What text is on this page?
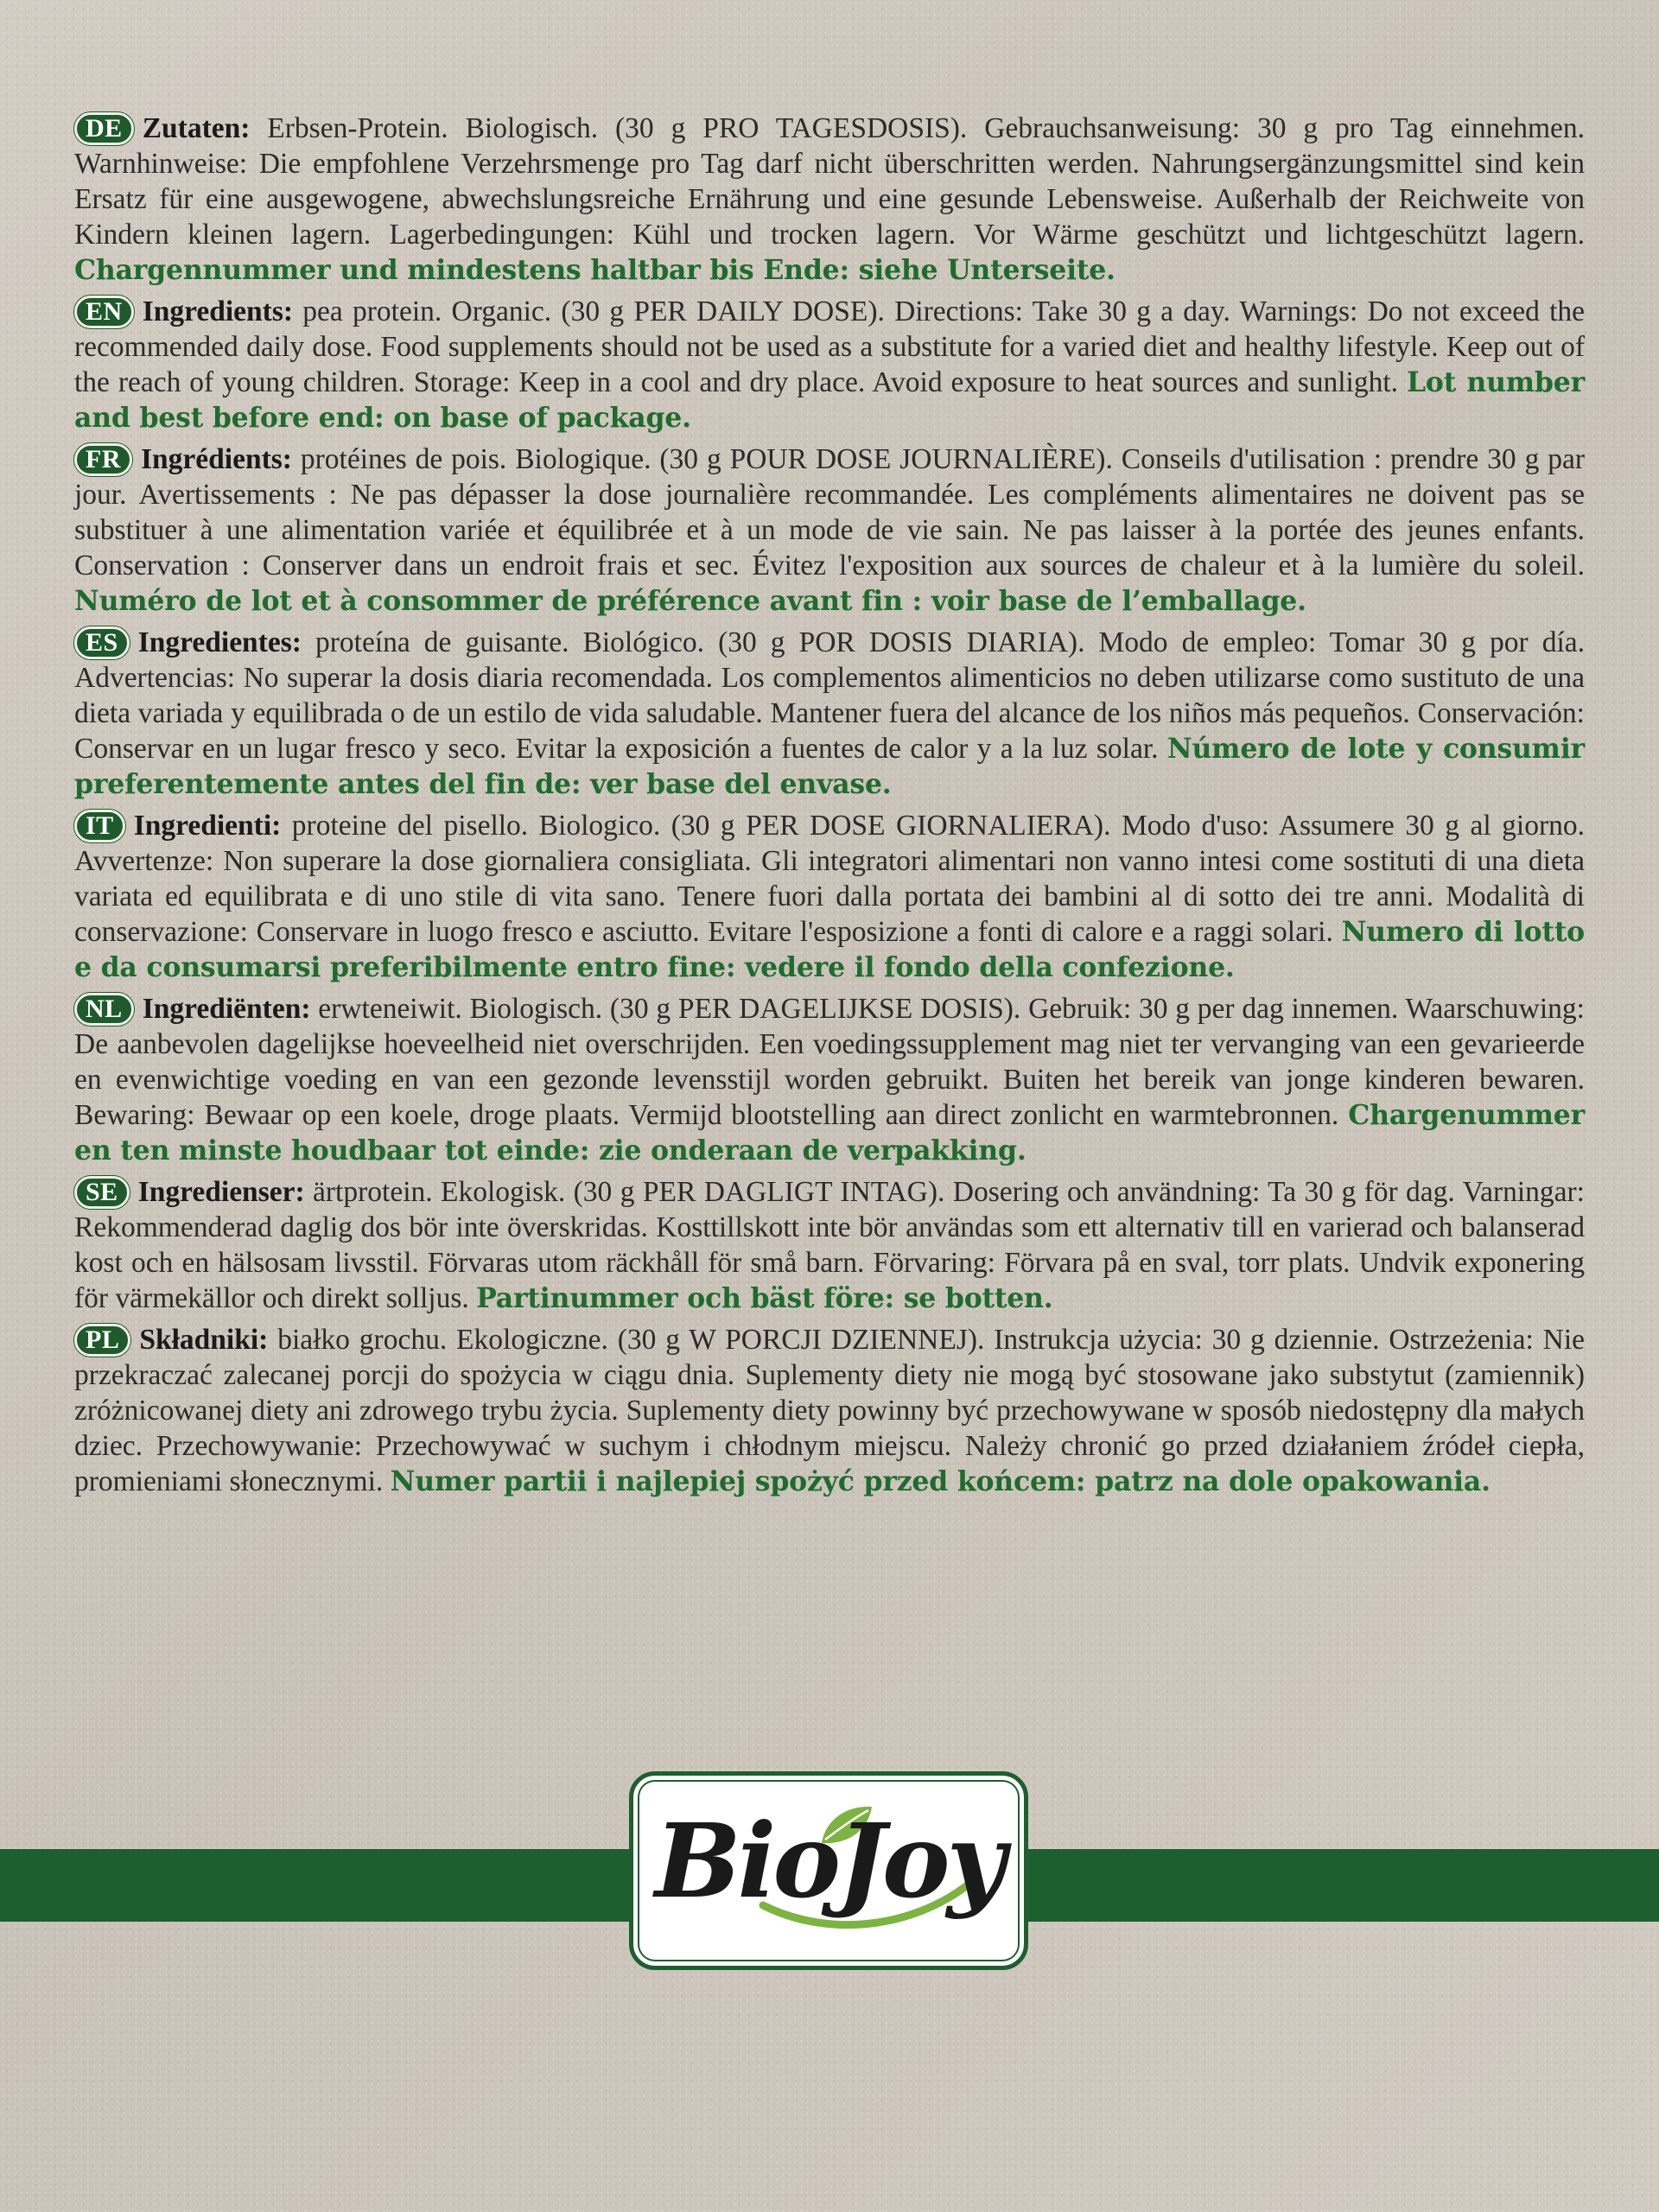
DE Zutaten: Erbsen-Protein. Biologisch. (30 g PRO TAGESDOSIS). Gebrauchsanweisung: 30 g pro Tag einnehmen. Warnhinweise: Die empfohlene Verzehrsmenge pro Tag darf nicht überschritten werden. Nahrungsergänzungsmittel sind kein Ersatz für eine ausgewogene, abwechslungsreiche Ernährung und eine gesunde Lebensweise. Außerhalb der Reichweite von Kindern kleinen lagern. Lagerbedingungen: Kühl und trocken lagern. Vor Wärme geschützt und lichtgeschützt lagern. Chargennummer und mindestens haltbar bis Ende: siehe Unterseite.

EN Ingredients: pea protein. Organic. (30 g PER DAILY DOSE). Directions: Take 30 g a day. Warnings: Do not exceed the recommended daily dose. Food supplements should not be used as a substitute for a varied diet and healthy lifestyle. Keep out of the reach of young children. Storage: Keep in a cool and dry place. Avoid exposure to heat sources and sunlight. Lot number and best before end: on base of package.

FR Ingrédients: protéines de pois. Biologique. (30 g POUR DOSE JOURNALIÈRE). Conseils d'utilisation : prendre 30 g par jour. Avertissements : Ne pas dépasser la dose journalière recommandée. Les compléments alimentaires ne doivent pas se substituer à une alimentation variée et équilibrée et à un mode de vie sain. Ne pas laisser à la portée des jeunes enfants. Conservation : Conserver dans un endroit frais et sec. Évitez l'exposition aux sources de chaleur et à la lumière du soleil. Numéro de lot et à consommer de préférence avant fin : voir base de l’emballage.

ES Ingredientes: proteína de guisante. Biológico. (30 g POR DOSIS DIARIA). Modo de empleo: Tomar 30 g por día. Advertencias: No superar la dosis diaria recomendada. Los complementos alimenticios no deben utilizarse como sustituto de una dieta variada y equilibrada o de un estilo de vida saludable. Mantener fuera del alcance de los niños más pequeños. Conservación: Conservar en un lugar fresco y seco. Evitar la exposición a fuentes de calor y a la luz solar. Número de lote y consumir preferentemente antes del fin de: ver base del envase.

IT Ingredienti: proteine del pisello. Biologico. (30 g PER DOSE GIORNALIERA). Modo d'uso: Assumere 30 g al giorno. Avvertenze: Non superare la dose giornaliera consigliata. Gli integratori alimentari non vanno intesi come sostituti di una dieta variata ed equilibrata e di uno stile di vita sano. Tenere fuori dalla portata dei bambini al di sotto dei tre anni. Modalità di conservazione: Conservare in luogo fresco e asciutto. Evitare l'esposizione a fonti di calore e a raggi solari. Numero di lotto e da consumarsi preferibilmente entro fine: vedere il fondo della confezione.

NL Ingrediënten: erwteneiwit. Biologisch. (30 g PER DAGELIJKSE DOSIS). Gebruik: 30 g per dag innemen. Waarschuwing: De aanbevolen dagelijkse hoeveelheid niet overschrijden. Een voedingssupplement mag niet ter vervanging van een gevarieerde en evenwichtige voeding en van een gezonde levensstijl worden gebruikt. Buiten het bereik van jonge kinderen bewaren. Bewaring: Bewaar op een koele, droge plaats. Vermijd blootstelling aan direct zonlicht en warmtebronnen. Chargenummer en ten minste houdbaar tot einde: zie onderaan de verpakking.

SE Ingredienser: ärtprotein. Ekologisk. (30 g PER DAGLIGT INTAG). Dosering och användning: Ta 30 g för dag. Varningar: Rekommenderad daglig dos bör inte överskridas. Kosttillskott inte bör användas som ett alternativ till en varierad och balanserad kost och en hälsosam livsstil. Förvaras utom räckhåll för små barn. Förvaring: Förvara på en sval, torr plats. Undvik exponering för värmekällor och direkt solljus. Partinummer och bäst före: se botten.

PL Składniki: białko grochu. Ekologiczne. (30 g W PORCJI DZIENNEJ). Instrukcja użycia: 30 g dziennie. Ostrzeżenia: Nie przekraczać zalecanej porcji do spożycia w ciągu dnia. Suplementy diety nie mogą być stosowane jako substytut (zamiennik) zróżnicowanej diety ani zdrowego trybu życia. Suplementy diety powinny być przechowywane w sposób niedostępny dla małych dziec. Przechowywanie: Przechowywać w suchym i chłodnym miejscu. Należy chronić go przed działaniem źródeł ciepła, promieniami słonecznymi. Numer partii i najlepiej spożyć przed końcem: patrz na dole opakowania.

BioJoy
